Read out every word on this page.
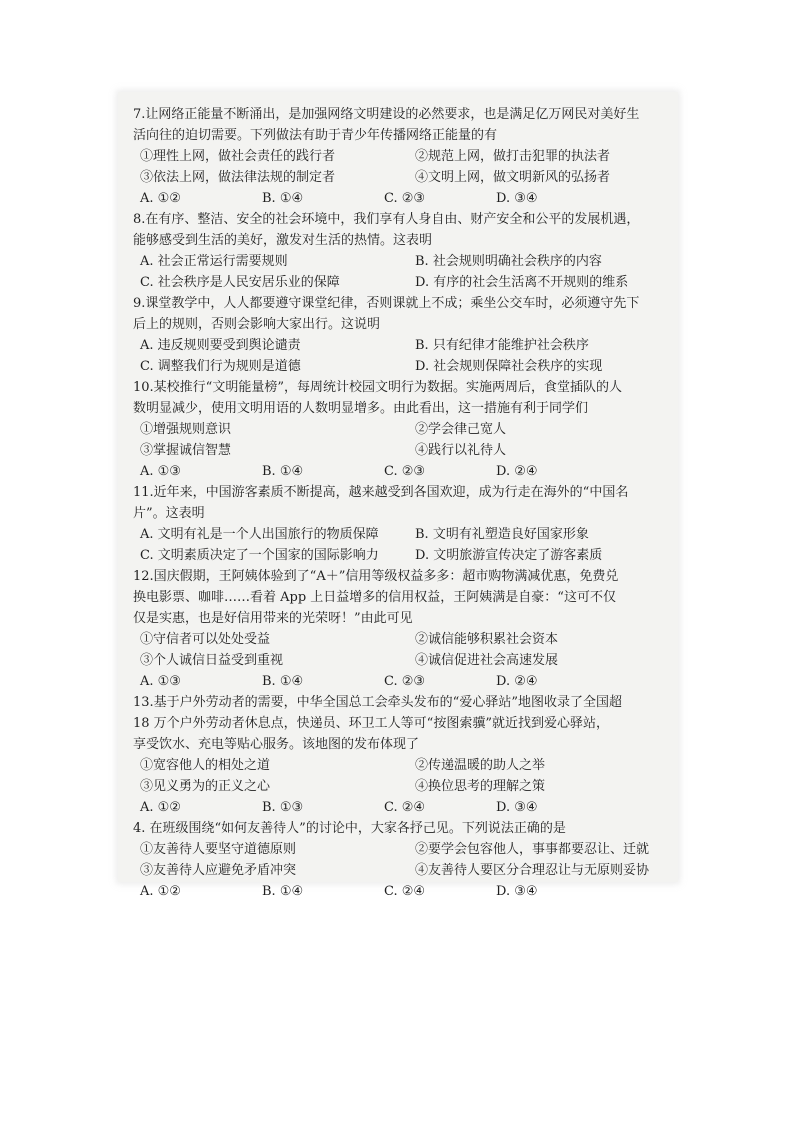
7.让网络正能量不断涌出，是加强网络文明建设的必然要求，也是满足亿万网民对美好生
活向往的迫切需要。下列做法有助于青少年传播网络正能量的有
①理性上网，做社会责任的践行者	②规范上网，做打击犯罪的执法者
③依法上网，做法律法规的制定者	④文明上网，做文明新风的弘扬者
A. ①②	B. ①④	C. ②③	D. ③④
8.在有序、整洁、安全的社会环境中，我们享有人身自由、财产安全和公平的发展机遇，
能够感受到生活的美好，激发对生活的热情。这表明
A. 社会正常运行需要规则	B. 社会规则明确社会秩序的内容
C. 社会秩序是人民安居乐业的保障	D. 有序的社会生活离不开规则的维系
9.课堂教学中，人人都要遵守课堂纪律，否则课就上不成；乘坐公交车时，必须遵守先下
后上的规则，否则会影响大家出行。这说明
A. 违反规则要受到舆论谴责	B. 只有纪律才能维护社会秩序
C. 调整我们行为规则是道德	D. 社会规则保障社会秩序的实现
10.某校推行“文明能量榜”，每周统计校园文明行为数据。实施两周后，食堂插队的人
数明显减少，使用文明用语的人数明显增多。由此看出，这一措施有利于同学们
①增强规则意识	②学会律己宽人
③掌握诚信智慧	④践行以礼待人
A. ①③	B. ①④	C. ②③	D. ②④
11.近年来，中国游客素质不断提高，越来越受到各国欢迎，成为行走在海外的“中国名
片”。这表明
A. 文明有礼是一个人出国旅行的物质保障	B. 文明有礼塑造良好国家形象
C. 文明素质决定了一个国家的国际影响力	D. 文明旅游宣传决定了游客素质
12.国庆假期，王阿姨体验到了“A＋”信用等级权益多多：超市购物满减优惠，免费兑
换电影票、咖啡……看着 App 上日益增多的信用权益，王阿姨满是自豪：“这可不仅
仅是实惠，也是好信用带来的光荣呀！”由此可见
①守信者可以处处受益	②诚信能够积累社会资本
③个人诚信日益受到重视	④诚信促进社会高速发展
A. ①③	B. ①④	C. ②③	D. ②④
13.基于户外劳动者的需要，中华全国总工会牵头发布的“爱心驿站”地图收录了全国超
18 万个户外劳动者休息点，快递员、环卫工人等可“按图索骥”就近找到爱心驿站，
享受饮水、充电等贴心服务。该地图的发布体现了
①宽容他人的相处之道	②传递温暖的助人之举
③见义勇为的正义之心	④换位思考的理解之策
A. ①②	B. ①③	C. ②④	D. ③④
4. 在班级围绕“如何友善待人”的讨论中，大家各抒己见。下列说法正确的是
①友善待人要坚守道德原则	②要学会包容他人，事事都要忍让、迁就
③友善待人应避免矛盾冲突	④友善待人要区分合理忍让与无原则妥协
A. ①②	B. ①④	C. ②④	D. ③④
